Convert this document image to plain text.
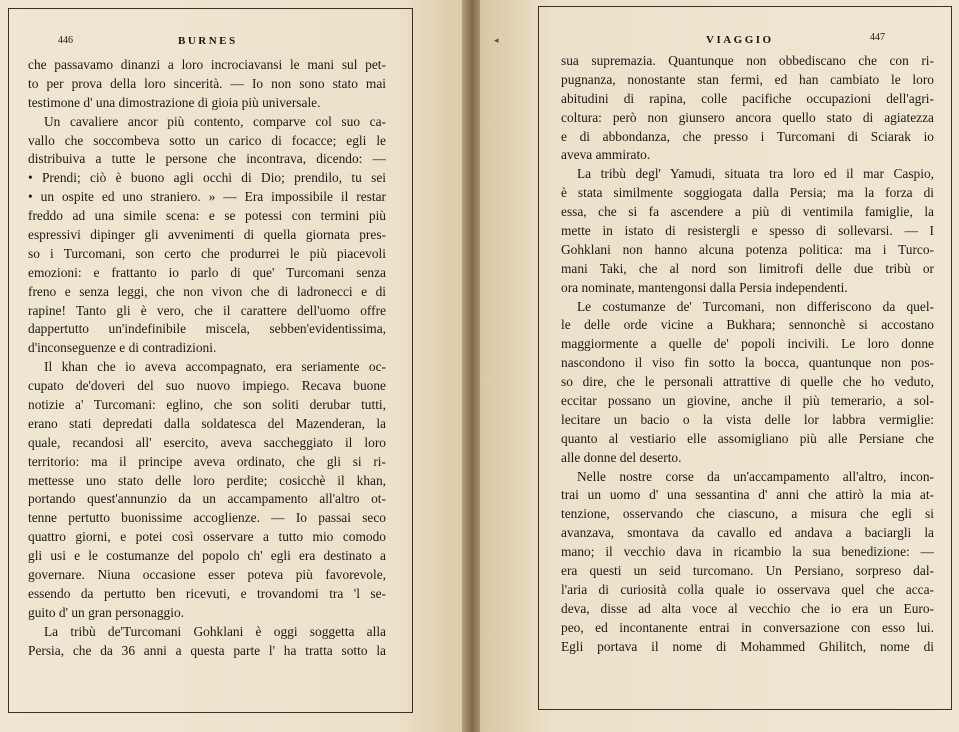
446	BURNES
che passavamo dinanzi a loro incrociavansi le mani sul pet-
to per prova della loro sincerità. — Io non sono stato mai
testimone d' una dimostrazione di gioia più universale.
Un cavaliere ancor più contento, comparve col suo ca-
vallo che soccombeva sotto un carico di focacce; egli le
distribuiva a tutte le persone che incontrava, dicendo: —
• Prendi; ciò è buono agli occhi di Dio; prendilo, tu sei
• un ospite ed uno straniero. » — Era impossibile il restar
freddo ad una simile scena: e se potessi con termini più
espressivi dipinger gli avvenimenti di quella giornata pres-
so i Turcomani, son certo che produrrei le più piacevoli
emozioni: e frattanto io parlo di que' Turcomani senza
freno e senza leggi, che non vivon che di ladronecci e di
rapine! Tanto gli è vero, che il carattere dell'uomo offre
dappertutto un'indefinibile miscela, sebben'evidentissima,
d'inconseguenze e di contradizioni.
Il khan che io aveva accompagnato, era seriamente oc-
cupato de'doveri del suo nuovo impiego. Recava buone
notizie a' Turcomani: eglino, che son soliti derubar tutti,
erano stati depredati dalla soldatesca del Mazenderan, la
quale, recandosi all' esercito, aveva saccheggiato il loro
territorio: ma il principe aveva ordinato, che gli si ri-
mettesse uno stato delle loro perdite; cosicchè il khan,
portando quest'annunzio da un accampamento all'altro ot-
tenne pertutto buonissime accoglienze. — Io passai seco
quattro giorni, e potei così osservare a tutto mio comodo
gli usi e le costumanze del popolo ch' egli era destinato a
governare. Niuna occasione esser poteva più favorevole,
essendo da pertutto ben ricevuti, e trovandomi tra 'l se-
guito d' un gran personaggio.
La tribù de'Turcomani Gohklani è oggi soggetta alla
Persia, che da 36 anni a questa parte l' ha tratta sotto la
◂	VIAGGIO	447
sua supremazia. Quantunque non obbediscano che con ri-
pugnanza, nonostante stan fermi, ed han cambiato le loro
abitudini di rapina, colle pacifiche occupazioni dell'agri-
coltura: però non giunsero ancora quello stato di agiatezza
e di abbondanza, che presso i Turcomani di Sciarak io
aveva ammirato.
La tribù degl' Yamudi, situata tra loro ed il mar Caspio,
è stata similmente soggiogata dalla Persia; ma la forza di
essa, che si fa ascendere a più di ventimila famiglie, la
mette in istato di resistergli e spesso di sollevarsi. — I
Gohklani non hanno alcuna potenza politica: ma i Turco-
mani Taki, che al nord son limitrofi delle due tribù or
ora nominate, mantengonsi dalla Persia independenti.
Le costumanze de' Turcomani, non differiscono da quel-
le delle orde vicine a Bukhara; sennonchè si accostano
maggiormente a quelle de' popoli incivili. Le loro donne
nascondono il viso fin sotto la bocca, quantunque non pos-
so dire, che le personali attrattive di quelle che ho veduto,
eccitar possano un giovine, anche il più temerario, a sol-
lecitare un bacio o la vista delle lor labbra vermiglie:
quanto al vestiario elle assomigliano più alle Persiane che
alle donne del deserto.
Nelle nostre corse da un'accampamento all'altro, incon-
trai un uomo d' una sessantina d' anni che attirò la mia at-
tenzione, osservando che ciascuno, a misura che egli si
avanzava, smontava da cavallo ed andava a baciargli la
mano; il vecchio dava in ricambio la sua benedizione: —
era questi un seid turcomano. Un Persiano, sorpreso dal-
l'aria di curiosità colla quale io osservava quel che acca-
deva, disse ad alta voce al vecchio che io era un Euro-
peo, ed incontanente entrai in conversazione con esso lui.
Egli portava il nome di Mohammed Ghilitch, nome di
